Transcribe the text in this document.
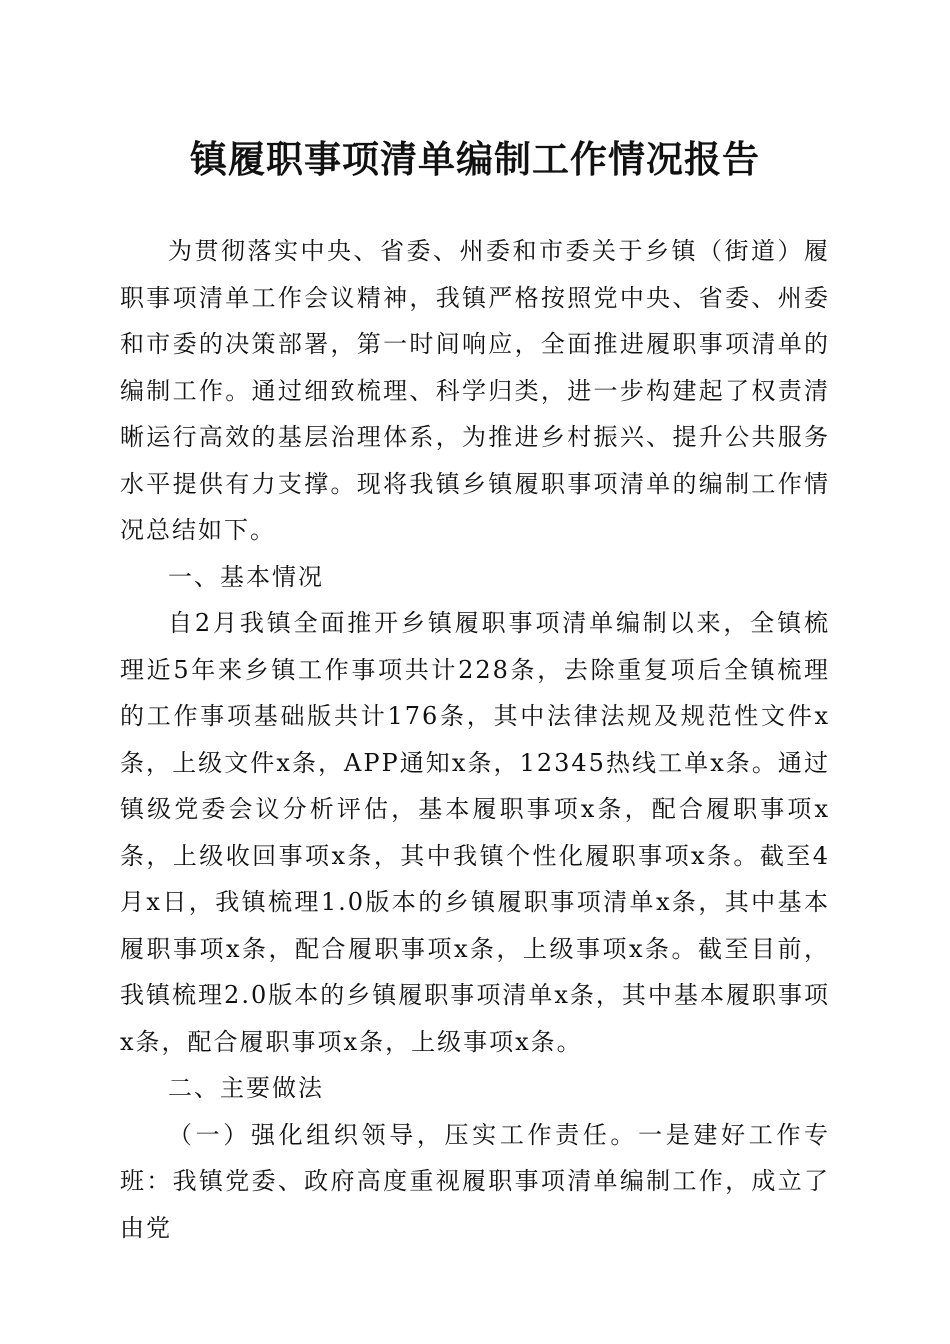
镇履职事项清单编制工作情况报告

为贯彻落实中央、省委、州委和市委关于乡镇（街道）履职事项清单工作会议精神，我镇严格按照党中央、省委、州委和市委的决策部署，第一时间响应，全面推进履职事项清单的编制工作。通过细致梳理、科学归类，进一步构建起了权责清晰运行高效的基层治理体系，为推进乡村振兴、提升公共服务水平提供有力支撑。现将我镇乡镇履职事项清单的编制工作情况总结如下。

一、基本情况

自2月我镇全面推开乡镇履职事项清单编制以来，全镇梳理近5年来乡镇工作事项共计228条，去除重复项后全镇梳理的工作事项基础版共计176条，其中法律法规及规范性文件x条，上级文件x条，APP通知x条，12345热线工单x条。通过镇级党委会议分析评估，基本履职事项x条，配合履职事项x条，上级收回事项x条，其中我镇个性化履职事项x条。截至4月x日，我镇梳理1.0版本的乡镇履职事项清单x条，其中基本履职事项x条，配合履职事项x条，上级事项x条。截至目前，我镇梳理2.0版本的乡镇履职事项清单x条，其中基本履职事项x条，配合履职事项x条，上级事项x条。

二、主要做法

（一）强化组织领导，压实工作责任。一是建好工作专班：我镇党委、政府高度重视履职事项清单编制工作，成立了由党
